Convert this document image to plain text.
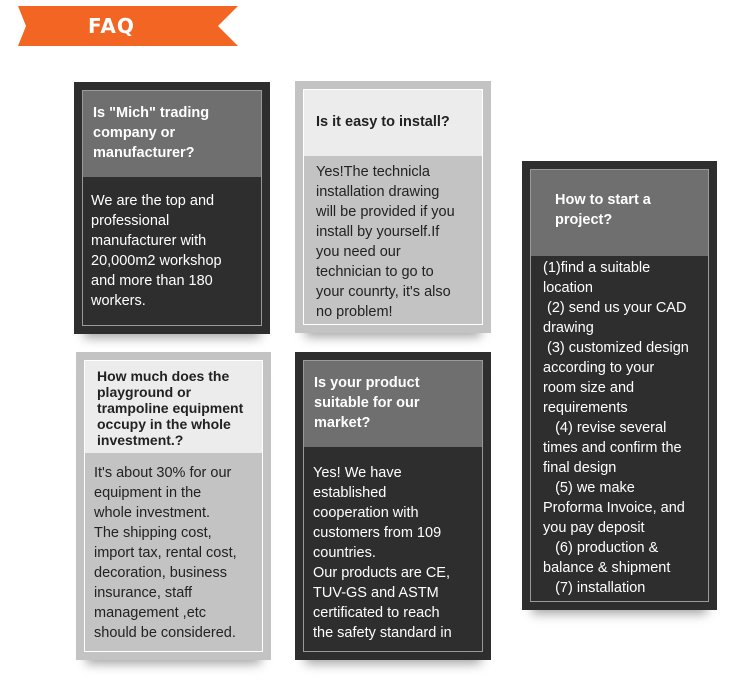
FAQ
Is "Mich" trading
company or
manufacturer?
We are the top and
professional
manufacturer with
20,000m2 workshop
and more than 180
workers.
Is it easy to install?
Yes!The technicla
installation drawing
will be provided if you
install by yourself.If
you need our
technician to go to
your counrty, it's also
no problem!
How to start a
project?
(1)find a suitable
location
(2) send us your CAD
drawing
(3) customized design
according to your
room size and
requirements
(4) revise several
times and confirm the
final design
(5) we make
Proforma Invoice, and
you pay deposit
(6) production &
balance & shipment
(7) installation
How much does the
playground or
trampoline equipment
occupy in the whole
investment.?
It's about 30% for our
equipment in the
whole investment.
The shipping cost,
import tax, rental cost,
decoration, business
insurance, staff
management ,etc
should be considered.
Is your product
suitable for our
market?
Yes! We have
established
cooperation with
customers from 109
countries.
Our products are CE,
TUV-GS and ASTM
certificated to reach
the safety standard in
